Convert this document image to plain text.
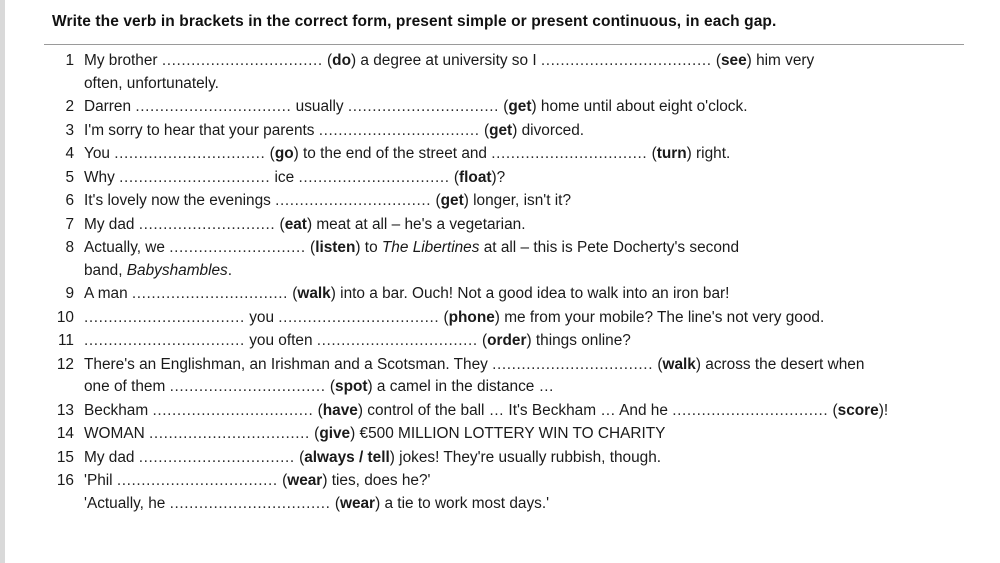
Write the verb in brackets in the correct form, present simple or present continuous, in each gap.
1 My brother ................................. (do) a degree at university so I ................................... (see) him very
often, unfortunately.
2 Darren ................................ usually ............................... (get) home until about eight o'clock.
3 I'm sorry to hear that your parents ................................. (get) divorced.
4 You ............................... (go) to the end of the street and ................................ (turn) right.
5 Why ............................... ice ............................... (float)?
6 It's lovely now the evenings ................................ (get) longer, isn't it?
7 My dad ............................ (eat) meat at all – he's a vegetarian.
8 Actually, we ............................ (listen) to The Libertines at all – this is Pete Docherty's second
band, Babyshambles.
9 A man ................................ (walk) into a bar. Ouch! Not a good idea to walk into an iron bar!
10 ................................. you ................................. (phone) me from your mobile? The line's not very good.
11 ................................. you often ................................. (order) things online?
12 There's an Englishman, an Irishman and a Scotsman. They ................................. (walk) across the desert when
one of them ................................ (spot) a camel in the distance …
13 Beckham ................................. (have) control of the ball … It's Beckham … And he ................................ (score)!
14 WOMAN ................................. (give) €500 MILLION LOTTERY WIN TO CHARITY
15 My dad ................................ (always / tell) jokes! They're usually rubbish, though.
16 'Phil ................................. (wear) ties, does he?'
'Actually, he ................................. (wear) a tie to work most days.'
